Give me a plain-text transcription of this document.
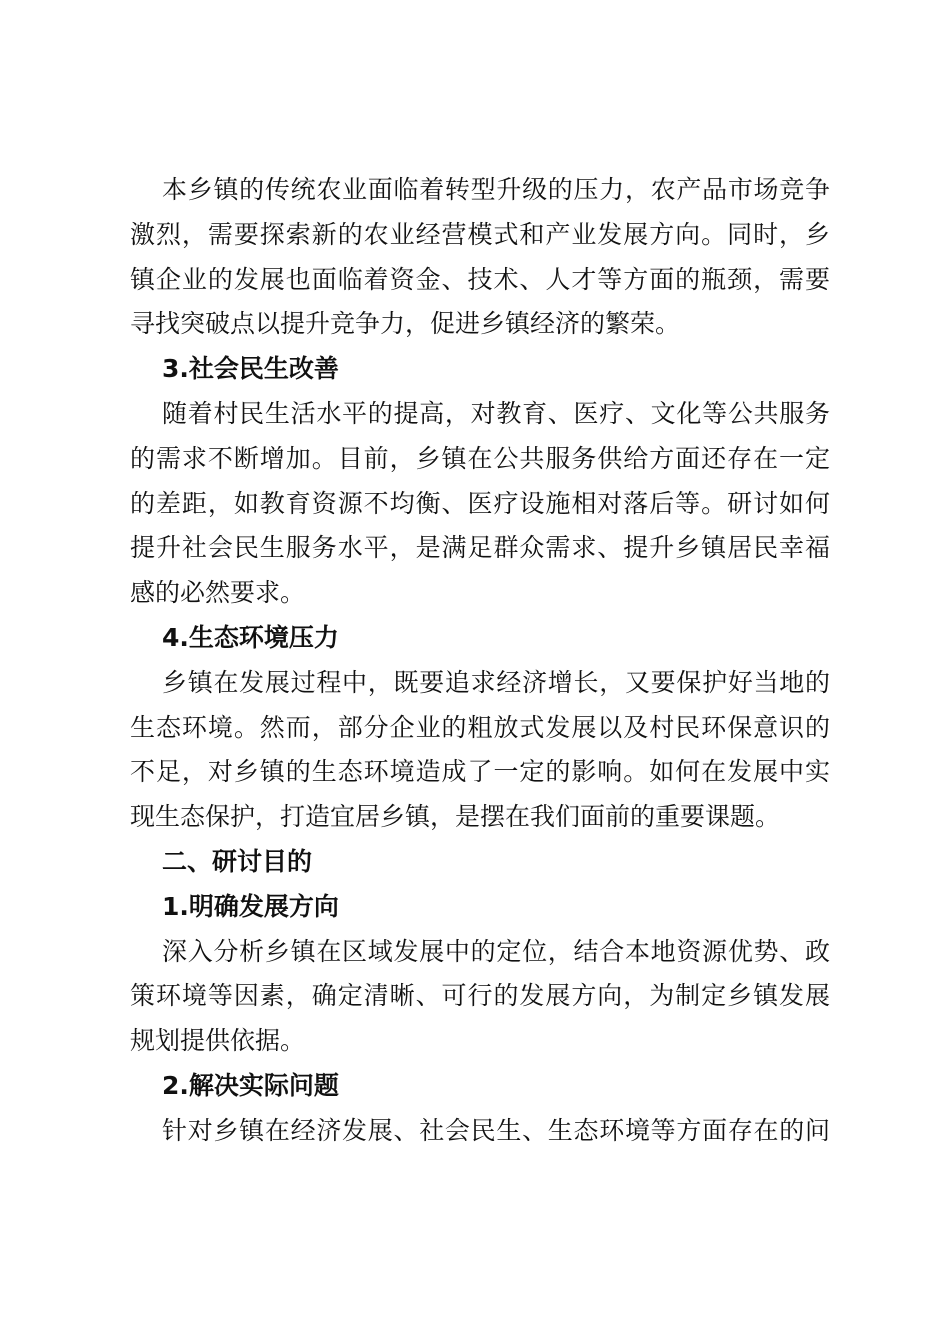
本乡镇的传统农业面临着转型升级的压力，农产品市场竞争
激烈，需要探索新的农业经营模式和产业发展方向。同时，乡
镇企业的发展也面临着资金、技术、人才等方面的瓶颈，需要
寻找突破点以提升竞争力，促进乡镇经济的繁荣。
3.社会民生改善
随着村民生活水平的提高，对教育、医疗、文化等公共服务
的需求不断增加。目前，乡镇在公共服务供给方面还存在一定
的差距，如教育资源不均衡、医疗设施相对落后等。研讨如何
提升社会民生服务水平，是满足群众需求、提升乡镇居民幸福
感的必然要求。
4.生态环境压力
乡镇在发展过程中，既要追求经济增长，又要保护好当地的
生态环境。然而，部分企业的粗放式发展以及村民环保意识的
不足，对乡镇的生态环境造成了一定的影响。如何在发展中实
现生态保护，打造宜居乡镇，是摆在我们面前的重要课题。
二、研讨目的
1.明确发展方向
深入分析乡镇在区域发展中的定位，结合本地资源优势、政
策环境等因素，确定清晰、可行的发展方向，为制定乡镇发展
规划提供依据。
2.解决实际问题
针对乡镇在经济发展、社会民生、生态环境等方面存在的问
